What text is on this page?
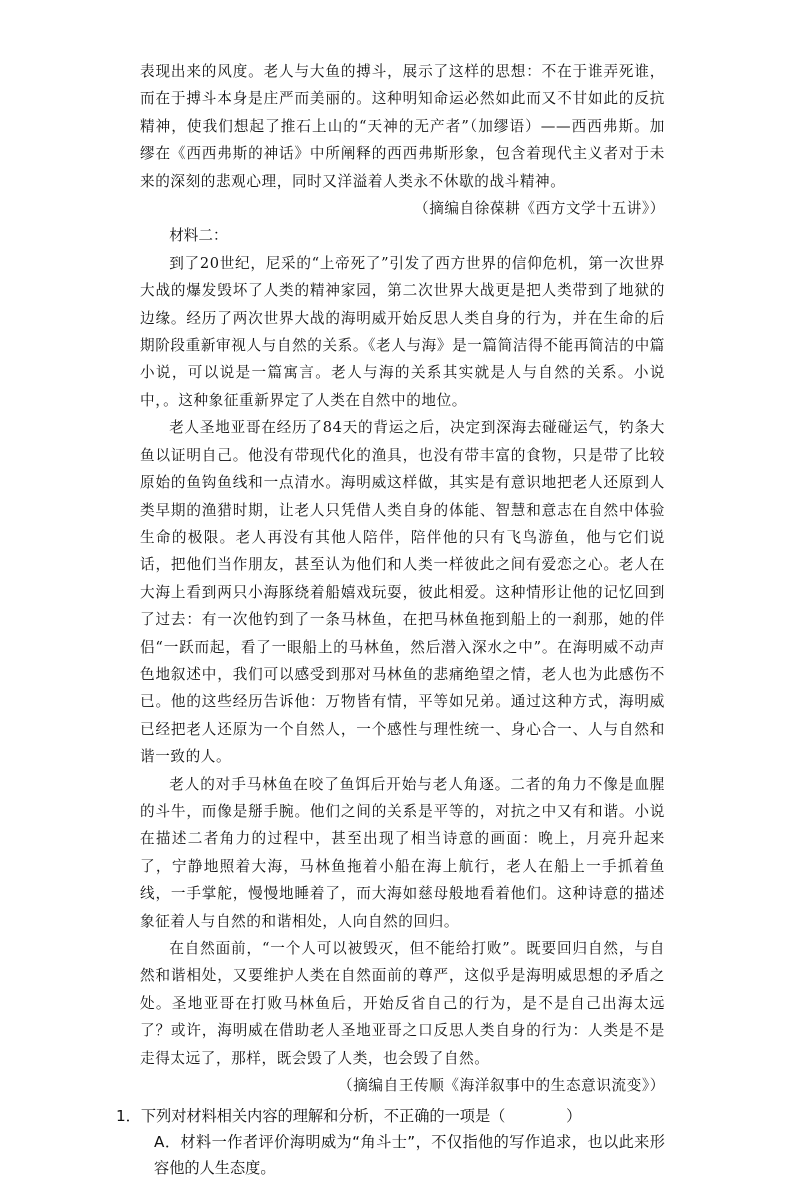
表现出来的风度。老人与大鱼的搏斗，展示了这样的思想：不在于谁弄死谁，而在于搏斗本身是庄严而美丽的。这种明知命运必然如此而又不甘如此的反抗精神，使我们想起了推石上山的“天神的无产者”（加缪语）——西西弗斯。加缪在《西西弗斯的神话》中所阐释的西西弗斯形象，包含着现代主义者对于未来的深刻的悲观心理，同时又洋溢着人类永不休歇的战斗精神。

（摘编自徐葆耕《西方文学十五讲》）

材料二：

到了20世纪，尼采的“上帝死了”引发了西方世界的信仰危机，第一次世界大战的爆发毁坏了人类的精神家园，第二次世界大战更是把人类带到了地狱的边缘。经历了两次世界大战的海明威开始反思人类自身的行为，并在生命的后期阶段重新审视人与自然的关系。《老人与海》是一篇简洁得不能再简洁的中篇小说，可以说是一篇寓言。老人与海的关系其实就是人与自然的关系。小说中，。这种象征重新界定了人类在自然中的地位。

老人圣地亚哥在经历了84天的背运之后，决定到深海去碰碰运气，钓条大鱼以证明自己。他没有带现代化的渔具，也没有带丰富的食物，只是带了比较原始的鱼钩鱼线和一点清水。海明威这样做，其实是有意识地把老人还原到人类早期的渔猎时期，让老人只凭借人类自身的体能、智慧和意志在自然中体验生命的极限。老人再没有其他人陪伴，陪伴他的只有飞鸟游鱼，他与它们说话，把他们当作朋友，甚至认为他们和人类一样彼此之间有爱恋之心。老人在大海上看到两只小海豚绕着船嬉戏玩耍，彼此相爱。这种情形让他的记忆回到了过去：有一次他钓到了一条马林鱼，在把马林鱼拖到船上的一刹那，她的伴侣“一跃而起，看了一眼船上的马林鱼，然后潜入深水之中”。在海明威不动声色地叙述中，我们可以感受到那对马林鱼的悲痛绝望之情，老人也为此感伤不已。他的这些经历告诉他：万物皆有情，平等如兄弟。通过这种方式，海明威已经把老人还原为一个自然人，一个感性与理性统一、身心合一、人与自然和谐一致的人。

老人的对手马林鱼在咬了鱼饵后开始与老人角逐。二者的角力不像是血腥的斗牛，而像是掰手腕。他们之间的关系是平等的，对抗之中又有和谐。小说在描述二者角力的过程中，甚至出现了相当诗意的画面：晚上，月亮升起来了，宁静地照着大海，马林鱼拖着小船在海上航行，老人在船上一手抓着鱼线，一手掌舵，慢慢地睡着了，而大海如慈母般地看着他们。这种诗意的描述象征着人与自然的和谐相处，人向自然的回归。

在自然面前，“一个人可以被毁灭，但不能给打败”。既要回归自然，与自然和谐相处，又要维护人类在自然面前的尊严，这似乎是海明威思想的矛盾之处。圣地亚哥在打败马林鱼后，开始反省自己的行为，是不是自己出海太远了？或许，海明威在借助老人圣地亚哥之口反思人类自身的行为：人类是不是走得太远了，那样，既会毁了人类，也会毁了自然。

（摘编自王传顺《海洋叙事中的生态意识流变》）

1．下列对材料相关内容的理解和分析，不正确的一项是（　　　　）

A．材料一作者评价海明威为“角斗士”，不仅指他的写作追求，也以此来形容他的人生态度。
